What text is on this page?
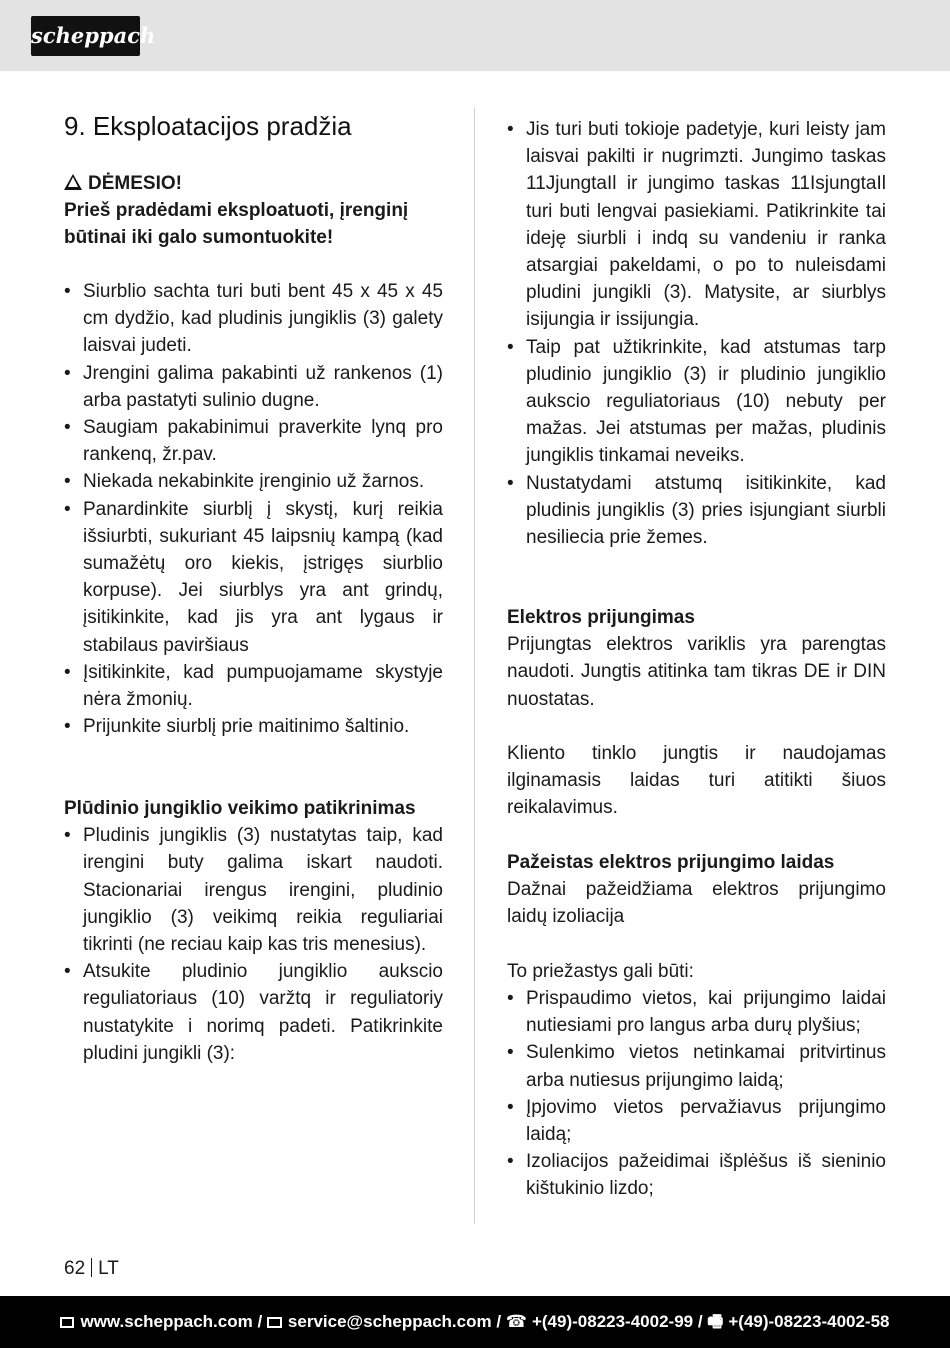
scheppach
9. Eksploatacijos pradžia
DĖMESIO!
Prieš pradėdami eksploatuoti, įrenginį
būtinai iki galo sumontuokite!
• Siurblio sachta turi buti bent 45 x 45 x 45 cm dydžio, kad pludinis jungiklis (3) galety laisvai judeti.
• Jrengini galima pakabinti už rankenos (1) arba pastatyti sulinio dugne.
• Saugiam pakabinimui praverkite lynq pro rankenq, žr.pav.
• Niekada nekabinkite įrenginio už žarnos.
• Panardinkite siurblį į skystį, kurį reikia išsiurbti, sukuriant 45 laipsnių kampą (kad sumažėtų oro kiekis, įstrigęs siurblio korpuse). Jei siurblys yra ant grindų, įsitikinkite, kad jis yra ant lygaus ir stabilaus paviršiaus
• Įsitikinkite, kad pumpuojamame skystyje nėra žmonių.
• Prijunkite siurblį prie maitinimo šaltinio.
Plūdinio jungiklio veikimo patikrinimas
• Pludinis jungiklis (3) nustatytas taip, kad irengini buty galima iskart naudoti. Stacionariai irengus irengini, pludinio jungiklio (3) veikimq reikia reguliariai tikrinti (ne reciau kaip kas tris menesius).
• Atsukite pludinio jungiklio aukscio reguliatoriaus (10) varžtq ir reguliatoriy nustatykite i norimq padeti. Patikrinkite pludini jungikli (3):
• Jis turi buti tokioje padetyje, kuri leisty jam laisvai pakilti ir nugrimzti. Jungimo taskas 11JjungtaIl ir jungimo taskas 11IsjungtaIl turi buti lengvai pasiekiami. Patikrinkite tai ideję siurbli i indq su vandeniu ir ranka atsargiai pakeldami, o po to nuleisdami pludini jungikli (3). Matysite, ar siurblys isijungia ir issijungia.
• Taip pat užtikrinkite, kad atstumas tarp pludinio jungiklio (3) ir pludinio jungiklio aukscio reguliatoriaus (10) nebuty per mažas. Jei atstumas per mažas, pludinis jungiklis tinkamai neveiks.
• Nustatydami atstumq isitikinkite, kad pludinis jungiklis (3) pries isjungiant siurbli nesiliecia prie žemes.
Elektros prijungimas

Prijungtas elektros variklis yra parengtas naudoti. Jungtis atitinka tam tikras DE ir DIN nuostatas.

Kliento tinklo jungtis ir naudojamas ilginamasis laidas turi atitikti šiuos reikalavimus.

Pažeistas elektros prijungimo laidas

Dažnai pažeidžiama elektros prijungimo laidų izoliacija

To priežastys gali būti:

• Prispaudimo vietos, kai prijungimo laidai nutiesiami pro langus arba durų plyšius;
• Sulenkimo vietos netinkamai pritvirtinus arba nutiesus prijungimo laidą;
• Įpjovimo vietos pervažiavus prijungimo laidą;
• Izoliacijos pažeidimai išplėšus iš sieninio kištukinio lizdo;
62 LT
www.scheppach.com / service@scheppach.com / ☎ +(49)-08223-4002-99 / 🖷 +(49)-08223-4002-58
